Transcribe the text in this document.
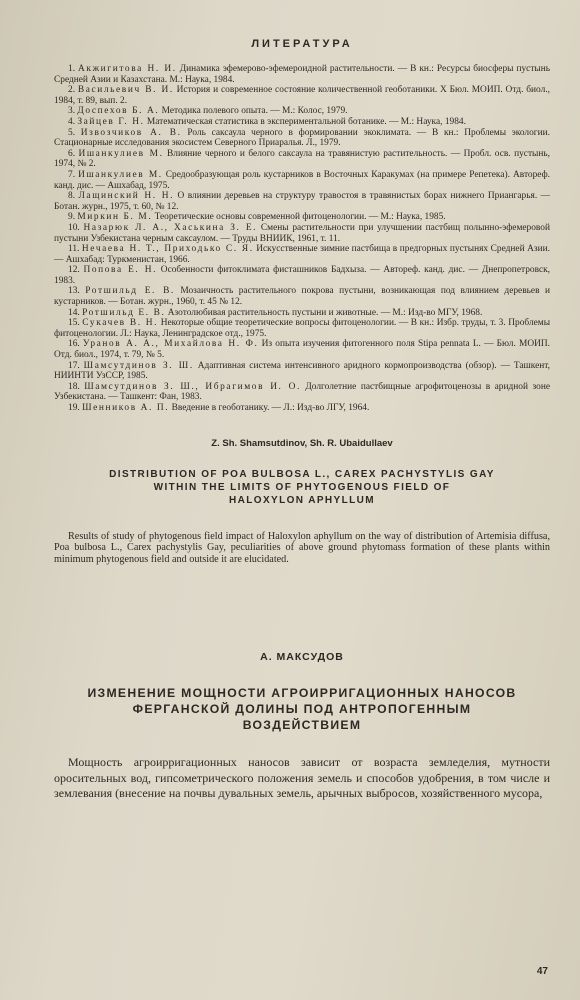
ЛИТЕРАТУРА
1. Акжигитова Н. И. Динамика эфемерово-эфемероидной растительности. — В кн.: Ресурсы биосферы пустынь Средней Азии и Казахстана. М.: Наука, 1984.
2. Васильевич В. И. История и современное состояние количественной геоботаники. Х Бюл. МОИП. Отд. биол., 1984, т. 89, вып. 2.
3. Доспехов Б. А. Методика полевого опыта. — М.: Колос, 1979.
4. Зайцев Г. Н. Математическая статистика в экспериментальной ботанике. — М.: Наука, 1984.
5. Извозчиков А. В. Роль саксаула черного в формировании экоклимата. — В кн.: Проблемы экологии. Стационарные исследования экосистем Северного Приаралья. Л., 1979.
6. Ишанкулиев М. Влияние черного и белого саксаула на травянистую растительность. — Пробл. осв. пустынь, 1974, № 2.
7. Ишанкулиев М. Средообразующая роль кустарников в Восточных Каракумах (на примере Репетека). Автореф. канд. дис. — Ашхабад, 1975.
8. Лащинский Н. Н. О влиянии деревьев на структуру травостоя в травянистых борах нижнего Приангарья. — Ботан. журн., 1975, т. 60, № 12.
9. Миркин Б. М. Теоретические основы современной фитоценологии. — М.: Наука, 1985.
10. Назарюк Л. А., Хаськина З. Е. Смены растительности при улучшении пастбищ полынно-эфемеровой пустыни Узбекистана черным саксаулом. — Труды ВНИИК, 1961, т. 11.
11. Нечаева Н. Т., Приходько С. Я. Искусственные зимние пастбища в предгорных пустынях Средней Азии. — Ашхабад: Туркменистан, 1966.
12. Попова Е. Н. Особенности фитоклимата фисташников Бадхыза. — Автореф. канд. дис. — Днепропетровск, 1983.
13. Ротшильд Е. В. Мозаичность растительного покрова пустыни, возникающая под влиянием деревьев и кустарников. — Ботан. журн., 1960, т. 45 № 12.
14. Ротшильд Е. В. Азотолюбивая растительность пустыни и животные. — М.: Изд-во МГУ, 1968.
15. Сукачев В. Н. Некоторые общие теоретические вопросы фитоценологии. — В кн.: Избр. труды, т. 3. Проблемы фитоценологии. Л.: Наука, Ленинградское отд., 1975.
16. Уранов А. А., Михайлова Н. Ф. Из опыта изучения фитогенного поля Stipa pennata L. — Бюл. МОИП. Отд. биол., 1974, т. 79, № 5.
17. Шамсутдинов З. Ш. Адаптивная система интенсивного аридного кормопроизводства (обзор). — Ташкент, НИИНТИ УзССР, 1985.
18. Шамсутдинов З. Ш., Ибрагимов И. О. Долголетние пастбищные агрофитоценозы в аридной зоне Узбекистана. — Ташкент: Фан, 1983.
19. Шенников А. П. Введение в геоботанику. — Л.: Изд-во ЛГУ, 1964.
Z. Sh. Shamsutdinov, Sh. R. Ubaidullaev
DISTRIBUTION OF POA BULBOSA L., CAREX PACHYSTYLIS GAY
WITHIN THE LIMITS OF PHYTOGENOUS FIELD OF
HALOXYLON APHYLLUM

Results of study of phytogenous field impact of Haloxylon aphyllum on the way of distribution of Artemisia diffusa, Poa bulbosa L., Carex pachystylis Gay, peculiarities of above ground phytomass formation of these plants within minimum phytogenous field and outside it are elucidated.

А. МАКСУДОВ
ИЗМЕНЕНИЕ МОЩНОСТИ АГРОИРРИГАЦИОННЫХ НАНОСОВ
ФЕРГАНСКОЙ ДОЛИНЫ ПОД АНТРОПОГЕННЫМ
ВОЗДЕЙСТВИЕМ

Мощность агроирригационных наносов зависит от возраста земледелия, мутности оросительных вод, гипсометрического положения земель и способов удобрения, в том числе и землевания (внесение на почвы дувальных земель, арычных выбросов, хозяйственного мусора,

47
